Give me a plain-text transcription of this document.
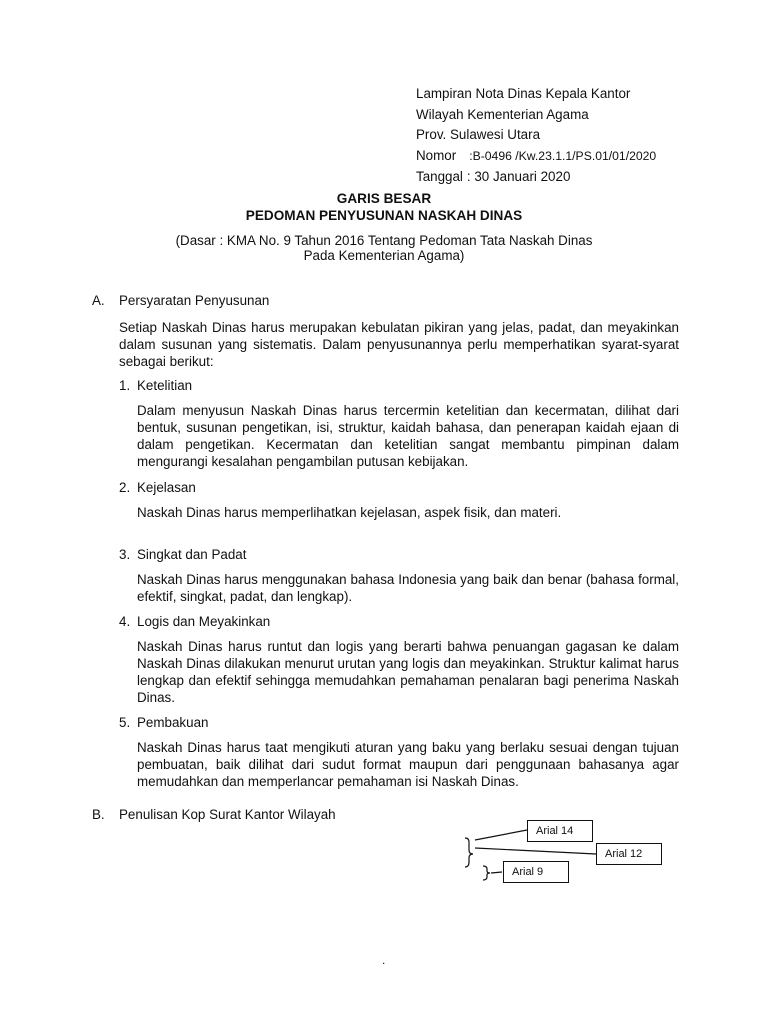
Lampiran Nota Dinas Kepala Kantor
Wilayah Kementerian Agama
Prov. Sulawesi Utara
Nomor :B-0496 /Kw.23.1.1/PS.01/01/2020
Tanggal : 30 Januari 2020
GARIS BESAR
PEDOMAN PENYUSUNAN NASKAH DINAS
(Dasar : KMA No. 9 Tahun 2016 Tentang Pedoman Tata Naskah Dinas
Pada Kementerian Agama)
A. Persyaratan Penyusunan
Setiap Naskah Dinas harus merupakan kebulatan pikiran yang jelas, padat, dan meyakinkan dalam susunan yang sistematis. Dalam penyusunannya perlu memperhatikan syarat-syarat sebagai berikut:
1. Ketelitian
Dalam menyusun Naskah Dinas harus tercermin ketelitian dan kecermatan, dilihat dari bentuk, susunan pengetikan, isi, struktur, kaidah bahasa, dan penerapan kaidah ejaan di dalam pengetikan. Kecermatan dan ketelitian sangat membantu pimpinan dalam mengurangi kesalahan pengambilan putusan kebijakan.
2. Kejelasan
Naskah Dinas harus memperlihatkan kejelasan, aspek fisik, dan materi.
3. Singkat dan Padat
Naskah Dinas harus menggunakan bahasa Indonesia yang baik dan benar (bahasa formal, efektif, singkat, padat, dan lengkap).
4. Logis dan Meyakinkan
Naskah Dinas harus runtut dan logis yang berarti bahwa penuangan gagasan ke dalam Naskah Dinas dilakukan menurut urutan yang logis dan meyakinkan. Struktur kalimat harus lengkap dan efektif sehingga memudahkan pemahaman penalaran bagi penerima Naskah Dinas.
5. Pembakuan
Naskah Dinas harus taat mengikuti aturan yang baku yang berlaku sesuai dengan tujuan pembuatan, baik dilihat dari sudut format maupun dari penggunaan bahasanya agar memudahkan dan memperlancar pemahaman isi Naskah Dinas.
B. Penulisan Kop Surat Kantor Wilayah
Arial 14
Arial 12
Arial 9
.
